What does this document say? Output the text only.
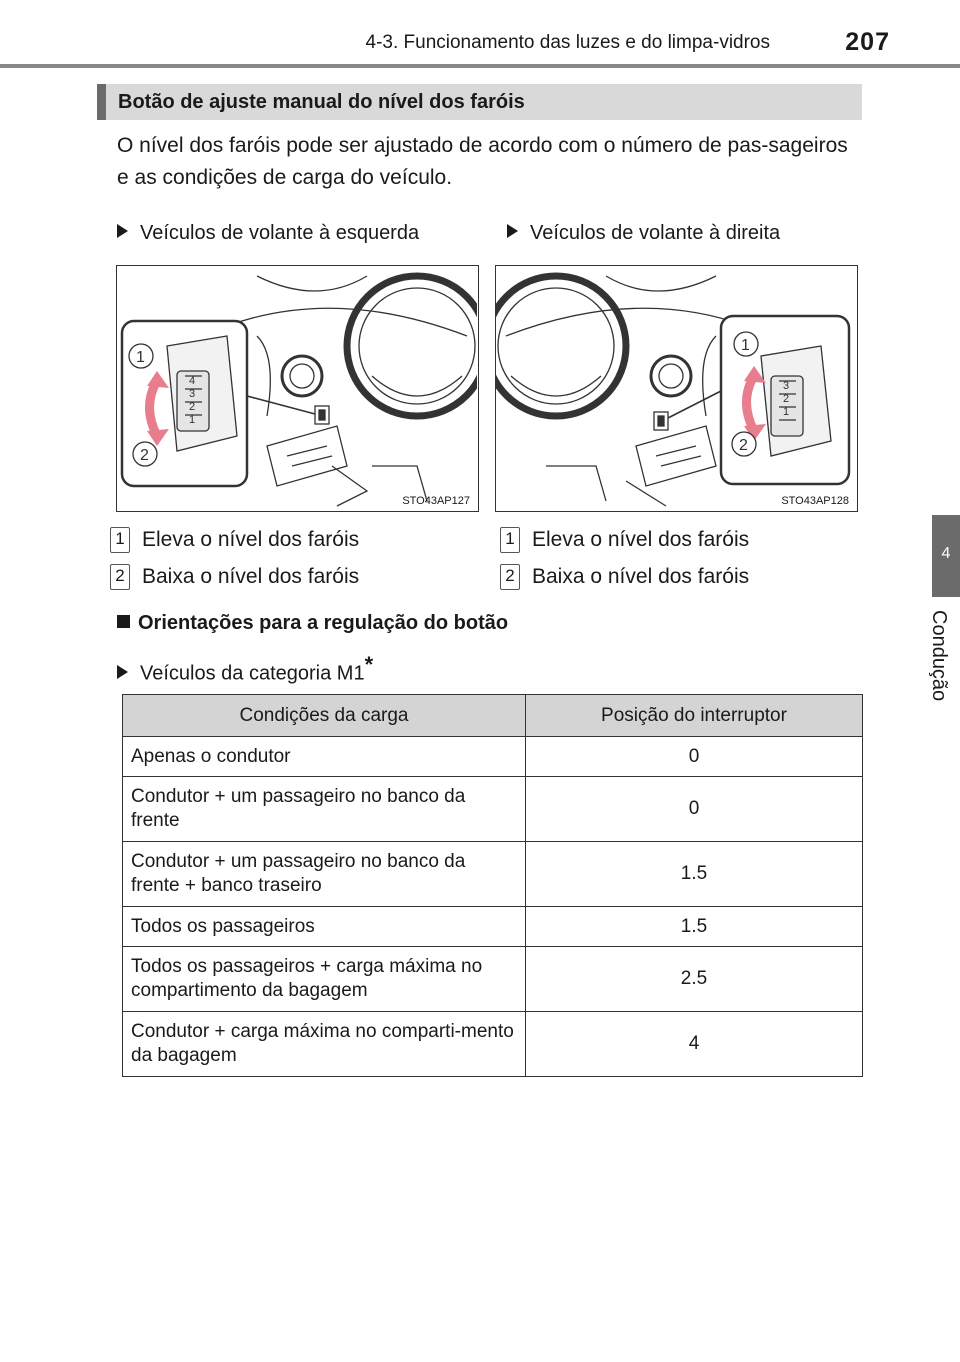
4-3. Funcionamento das luzes e do limpa-vidros	207
4
Condução
Botão de ajuste manual do nível dos faróis
O nível dos faróis pode ser ajustado de acordo com o número de pas-sageiros e as condições de carga do veículo.
Veículos de volante à esquerda	Veículos de volante à direita
4
3
2
1
1
2
STO43AP127
3
2
1
1
2
STO43AP128
1 Eleva o nível dos faróis
2 Baixa o nível dos faróis
1 Eleva o nível dos faróis
2 Baixa o nível dos faróis
Orientações para a regulação do botão
Veículos da categoria M1*
Condições da carga	Posição do interruptor
Apenas o condutor	0
Condutor + um passageiro no banco da frente	0
Condutor + um passageiro no banco da frente + banco traseiro	1.5
Todos os passageiros	1.5
Todos os passageiros + carga máxima no compartimento da bagagem	2.5
Condutor + carga máxima no comparti-mento da bagagem	4
